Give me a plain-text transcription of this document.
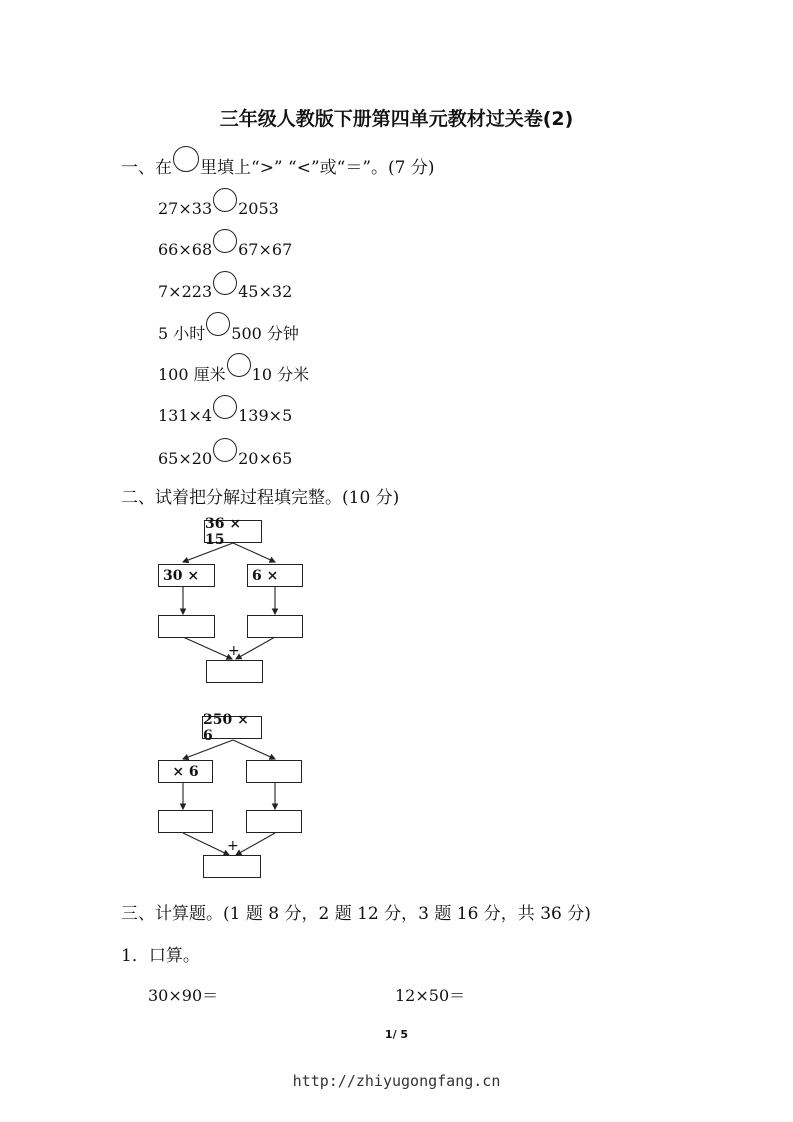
三年级人教版下册第四单元教材过关卷(2)
一、在 里填上“>” “<”或“＝”。(7 分)
27×33 2053
66×68 67×67
7×223 45×32
5 小时 500 分钟
100 厘米 10 分米
131×4 139×5
65×20 20×65
二、试着把分解过程填完整。(10 分)
36 × 15
30 ×	6 ×
+
250 × 6
× 6
+
三、计算题。(1 题 8 分，2 题 12 分，3 题 16 分，共 36 分)
1．口算。
30×90＝	12×50＝
1/ 5
http://zhiyugongfang.cn
